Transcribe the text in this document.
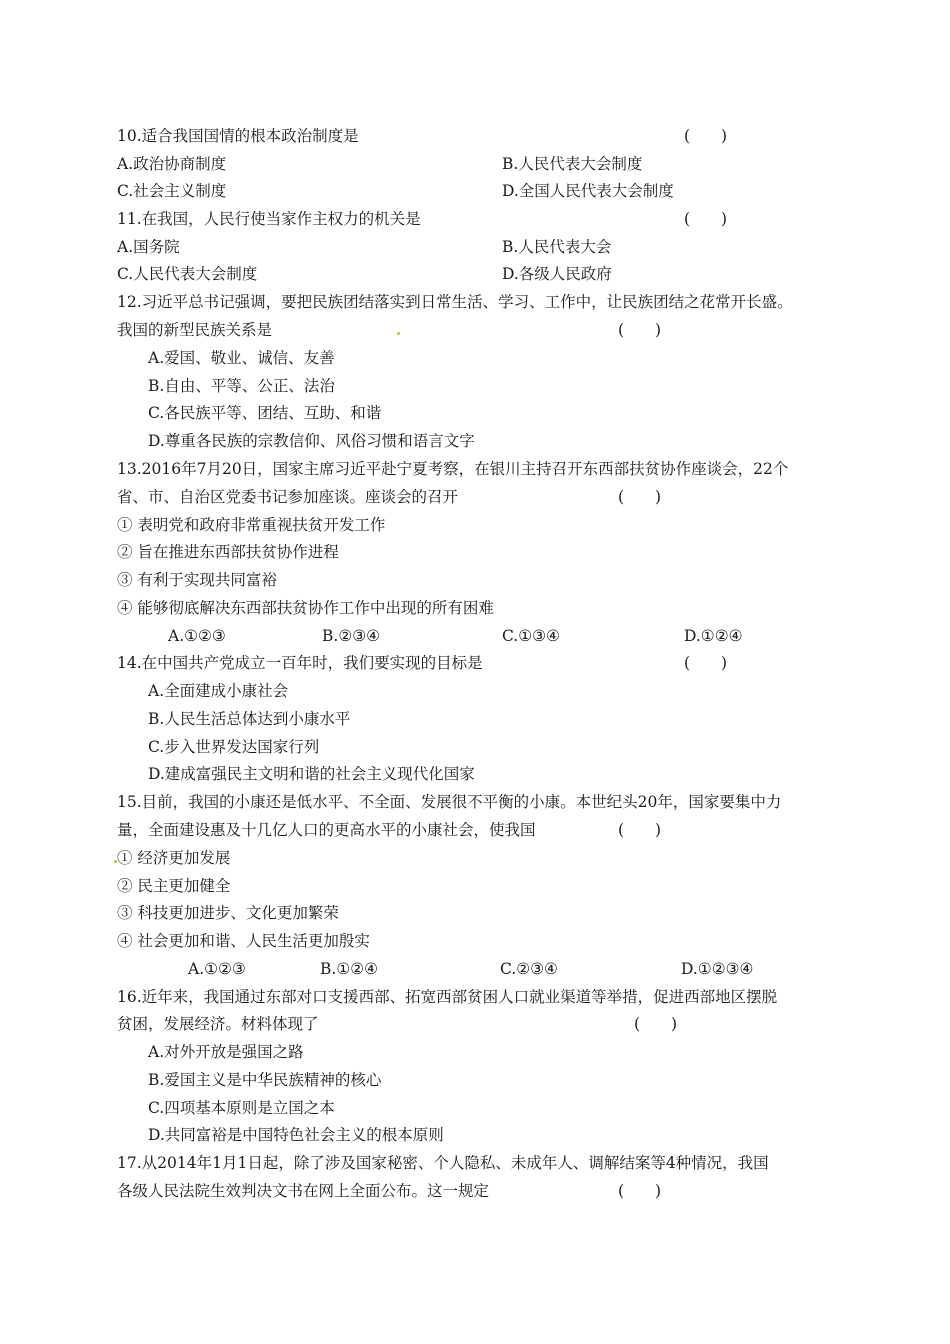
10.适合我国国情的根本政治制度是	(　　)
A.政治协商制度	B.人民代表大会制度
C.社会主义制度	D.全国人民代表大会制度
11.在我国，人民行使当家作主权力的机关是	(　　)
A.国务院	B.人民代表大会
C.人民代表大会制度	D.各级人民政府
12.习近平总书记强调，要把民族团结落实到日常生活、学习、工作中，让民族团结之花常开长盛。
我国的新型民族关系是	(　　)
A.爱国、敬业、诚信、友善
B.自由、平等、公正、法治
C.各民族平等、团结、互助、和谐
D.尊重各民族的宗教信仰、风俗习惯和语言文字
13.2016年7月20日，国家主席习近平赴宁夏考察，在银川主持召开东西部扶贫协作座谈会，22个
省、市、自治区党委书记参加座谈。座谈会的召开	(　　)
① 表明党和政府非常重视扶贫开发工作
② 旨在推进东西部扶贫协作进程
③ 有利于实现共同富裕
④ 能够彻底解决东西部扶贫协作工作中出现的所有困难
A.①②③	B.②③④	C.①③④	D.①②④
14.在中国共产党成立一百年时，我们要实现的目标是	(　　)
A.全面建成小康社会
B.人民生活总体达到小康水平
C.步入世界发达国家行列
D.建成富强民主文明和谐的社会主义现代化国家
15.目前，我国的小康还是低水平、不全面、发展很不平衡的小康。本世纪头20年，国家要集中力
量，全面建设惠及十几亿人口的更高水平的小康社会，使我国	(　　)
① 经济更加发展
② 民主更加健全
③ 科技更加进步、文化更加繁荣
④ 社会更加和谐、人民生活更加殷实
A.①②③	B.①②④	C.②③④	D.①②③④
16.近年来，我国通过东部对口支援西部、拓宽西部贫困人口就业渠道等举措，促进西部地区摆脱
贫困，发展经济。材料体现了	(　　)
A.对外开放是强国之路
B.爱国主义是中华民族精神的核心
C.四项基本原则是立国之本
D.共同富裕是中国特色社会主义的根本原则
17.从2014年1月1日起，除了涉及国家秘密、个人隐私、未成年人、调解结案等4种情况，我国
各级人民法院生效判决文书在网上全面公布。这一规定	(　　)
